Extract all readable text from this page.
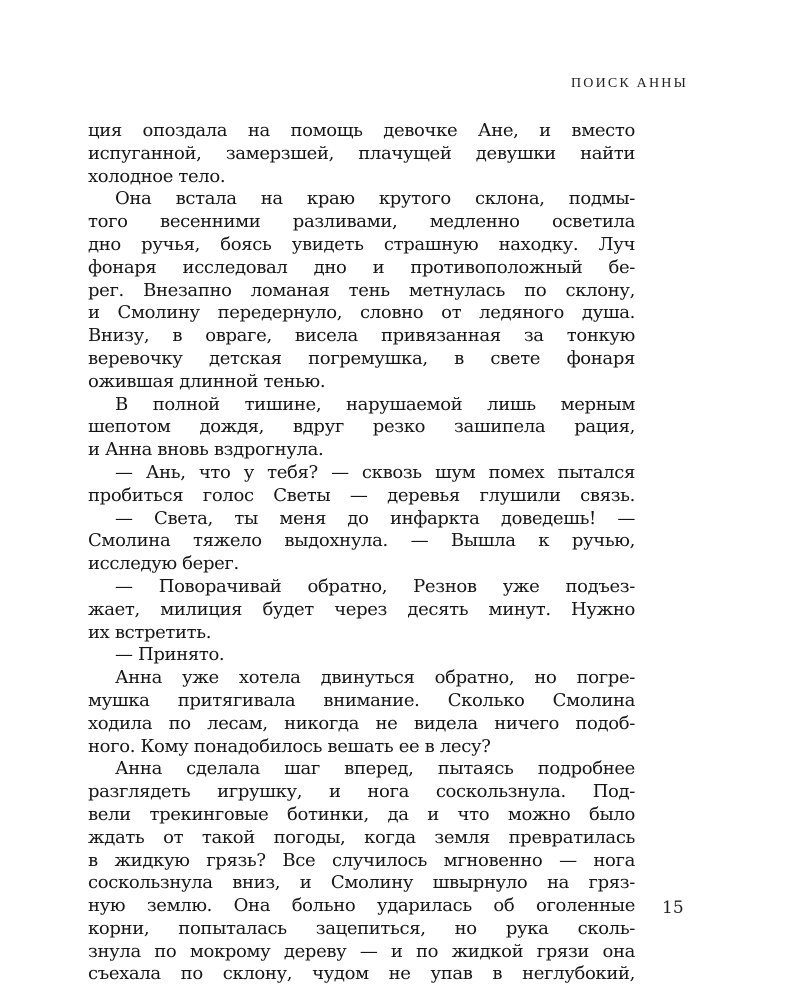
ПОИСК АННЫ
ция опоздала на помощь девочке Ане, и вместо
испуганной, замерзшей, плачущей девушки найти
холодное тело.
Она встала на краю крутого склона, подмы-
того весенними разливами, медленно осветила
дно ручья, боясь увидеть страшную находку. Луч
фонаря исследовал дно и противоположный бе-
рег. Внезапно ломаная тень метнулась по склону,
и Смолину передернуло, словно от ледяного душа.
Внизу, в овраге, висела привязанная за тонкую
веревочку детская погремушка, в свете фонаря
ожившая длинной тенью.
В полной тишине, нарушаемой лишь мерным
шепотом дождя, вдруг резко зашипела рация,
и Анна вновь вздрогнула.
— Ань, что у тебя? — сквозь шум помех пытался
пробиться голос Светы — деревья глушили связь.
— Света, ты меня до инфаркта доведешь! —
Смолина тяжело выдохнула. — Вышла к ручью,
исследую берег.
— Поворачивай обратно, Резнов уже подъез-
жает, милиция будет через десять минут. Нужно
их встретить.
— Принято.
Анна уже хотела двинуться обратно, но погре-
мушка притягивала внимание. Сколько Смолина
ходила по лесам, никогда не видела ничего подоб-
ного. Кому понадобилось вешать ее в лесу?
Анна сделала шаг вперед, пытаясь подробнее
разглядеть игрушку, и нога соскользнула. Под-
вели трекинговые ботинки, да и что можно было
ждать от такой погоды, когда земля превратилась
в жидкую грязь? Все случилось мгновенно — нога
соскользнула вниз, и Смолину швырнуло на гряз-
ную землю. Она больно ударилась об оголенные
корни, попыталась зацепиться, но рука сколь-
знула по мокрому дереву — и по жидкой грязи она
съехала по склону, чудом не упав в неглубокий,
15
